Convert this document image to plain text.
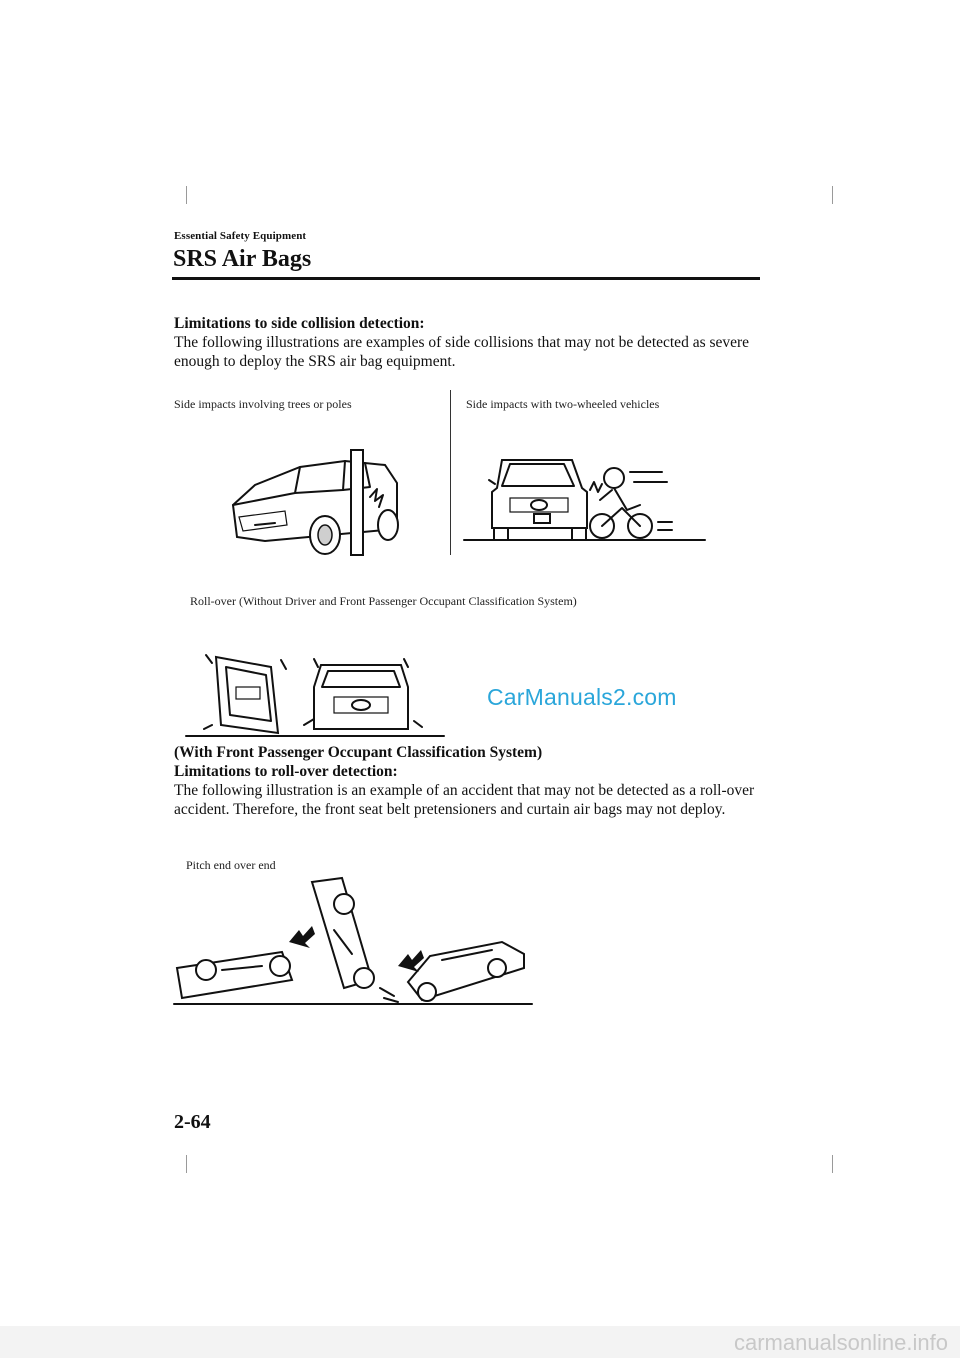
Essential Safety Equipment
SRS Air Bags
Limitations to side collision detection:
The following illustrations are examples of side collisions that may not be detected as severe enough to deploy the SRS air bag equipment.
Side impacts involving trees or poles	Side impacts with two-wheeled vehicles
Roll-over (Without Driver and Front Passenger Occupant Classification System)
CarManuals2.com
(With Front Passenger Occupant Classification System)
Limitations to roll-over detection:
The following illustration is an example of an accident that may not be detected as a roll-over accident. Therefore, the front seat belt pretensioners and curtain air bags may not deploy.
Pitch end over end
2-64
carmanualsonline.info
